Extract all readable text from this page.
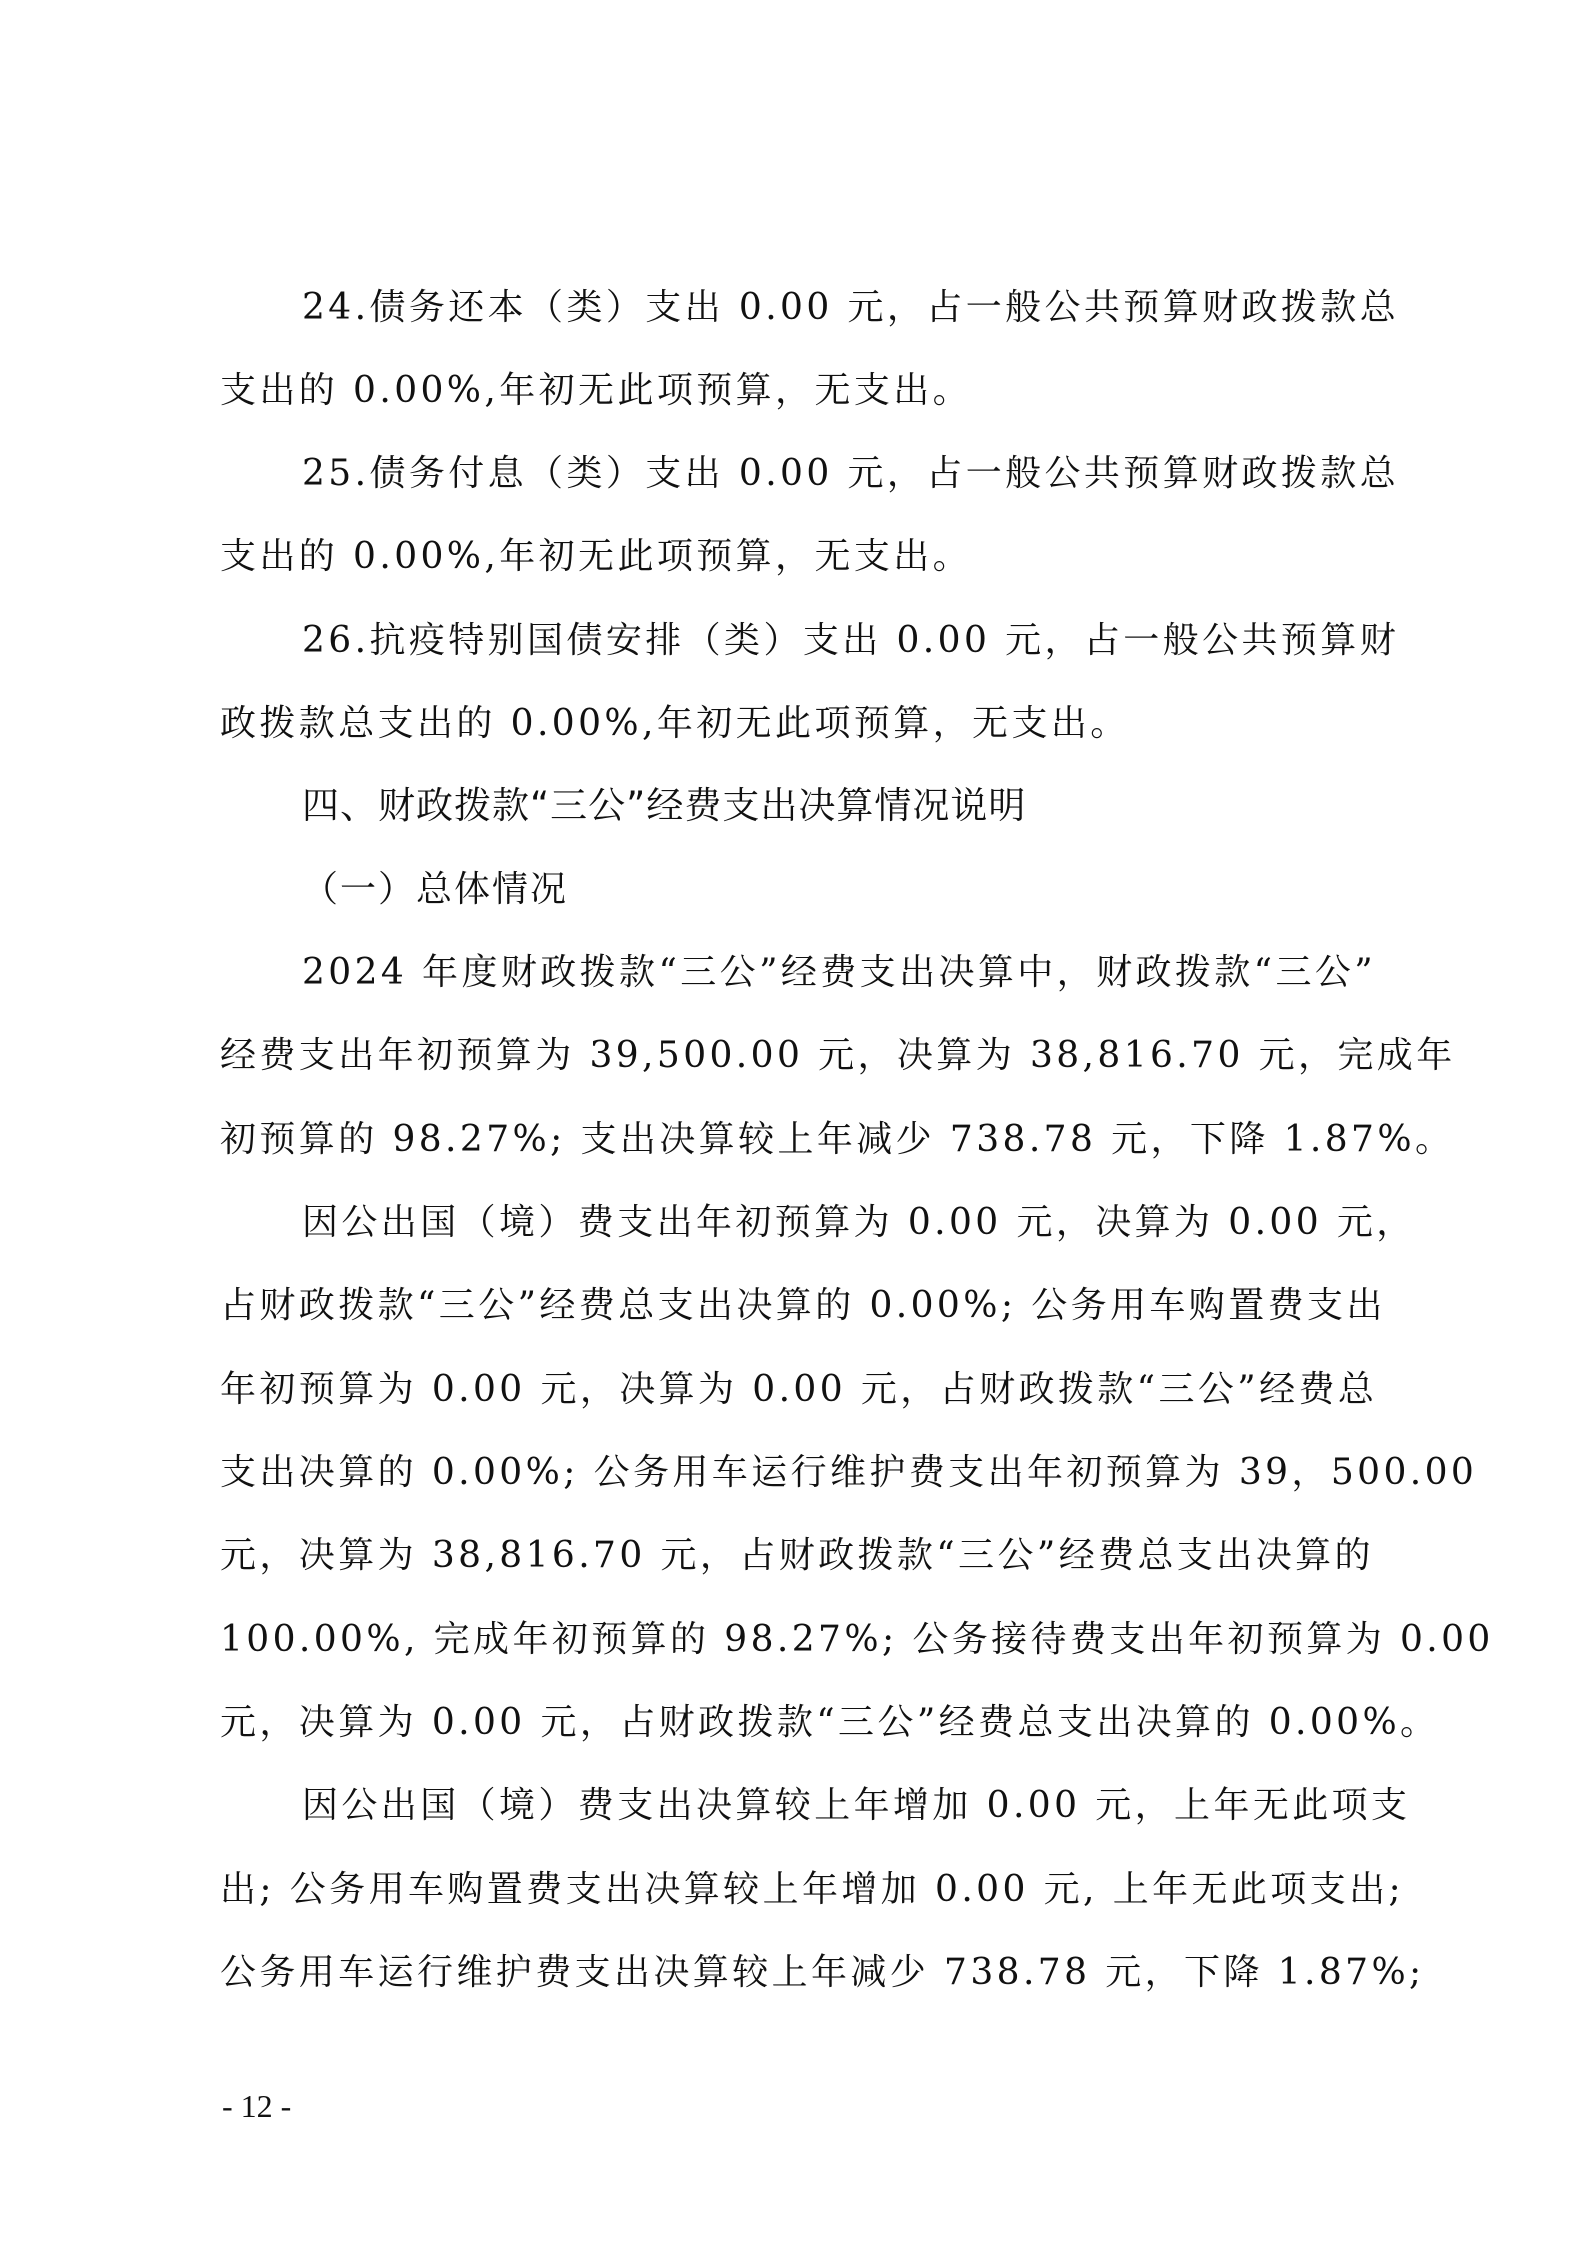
24.债务还本（类）支出 0.00 元，占一般公共预算财政拨款总
支出的 0.00%,年初无此项预算，无支出。
25.债务付息（类）支出 0.00 元，占一般公共预算财政拨款总
支出的 0.00%,年初无此项预算，无支出。
26.抗疫特别国债安排（类）支出 0.00 元，占一般公共预算财
政拨款总支出的 0.00%,年初无此项预算，无支出。
四、财政拨款“三公”经费支出决算情况说明
（一）总体情况
2024 年度财政拨款“三公”经费支出决算中，财政拨款“三公”
经费支出年初预算为 39,500.00 元，决算为 38,816.70 元，完成年
初预算的 98.27%; 支出决算较上年减少 738.78 元，下降 1.87%。
因公出国（境）费支出年初预算为 0.00 元，决算为 0.00 元，
占财政拨款“三公”经费总支出决算的 0.00%; 公务用车购置费支出
年初预算为 0.00 元，决算为 0.00 元，占财政拨款“三公”经费总
支出决算的 0.00%; 公务用车运行维护费支出年初预算为 39，500.00
元，决算为 38,816.70 元，占财政拨款“三公”经费总支出决算的
100.00%, 完成年初预算的 98.27%; 公务接待费支出年初预算为 0.00
元，决算为 0.00 元，占财政拨款“三公”经费总支出决算的 0.00%。
因公出国（境）费支出决算较上年增加 0.00 元，上年无此项支
出; 公务用车购置费支出决算较上年增加 0.00 元, 上年无此项支出;
公务用车运行维护费支出决算较上年减少 738.78 元，下降 1.87%;
- 12 -
